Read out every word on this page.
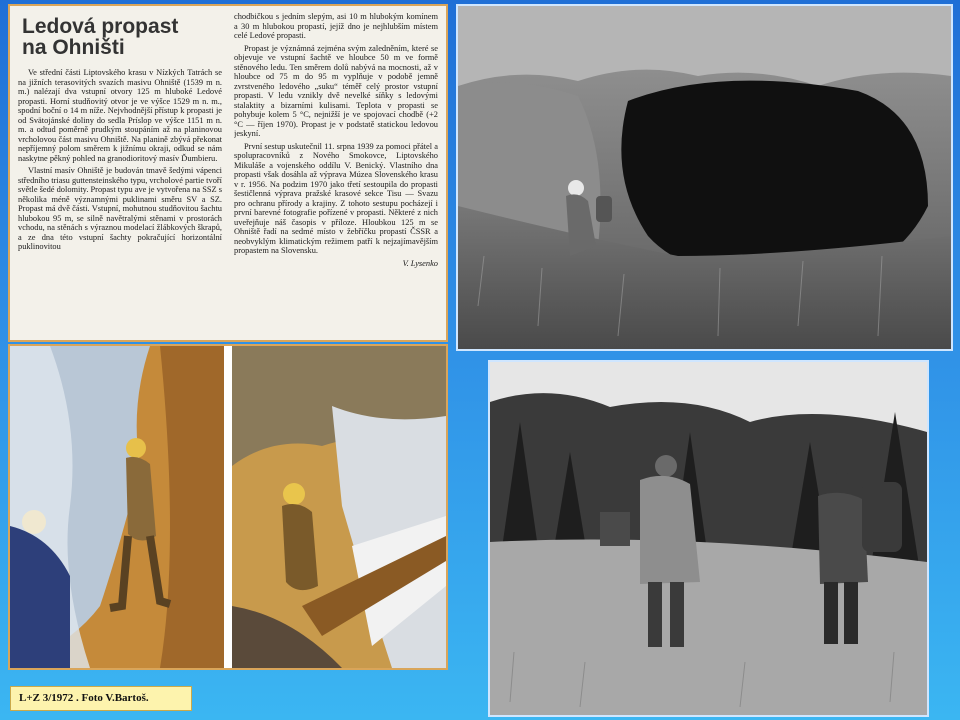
Ledová propast
na Ohništi

Ve střední části Liptovského krasu v Nízkých Tatrách se na jižních terasovitých svazích masivu Ohniště (1539 m n. m.) nalézají dva vstupní otvory 125 m hluboké Ledové propasti. Horní studňovitý otvor je ve výšce 1529 m n. m., spodní boční o 14 m níže. Nejvhodnější přístup k propasti je od Svätojánské doliny do sedla Príslop ve výšce 1151 m n. m. a odtud poměrně prudkým stoupáním až na planinovou vrcholovou část masivu Ohniště. Na planině zbývá překonat nepříjemný polom směrem k jižnímu okraji, odkud se nám naskytne pěkný pohled na granodioritový masív Ďumbieru.

Vlastní masív Ohniště je budován tmavě šedými vápenci středního triasu guttensteinského typu, vrcholové partie tvoří světle šedé dolomity. Propast typu ave je vytvořena na SSZ s několika méně významnými puklinami směru SV a SZ. Propast má dvě části. Vstupní, mohutnou studňovitou šachtu hlubokou 95 m, se silně navětralými stěnami v prostorách vchodu, na stěnách s výraznou modelací žlábkových škrapů, a ze dna této vstupní šachty pokračující horizontální puklinovitou

chodbičkou s jedním slepým, asi 10 m hlubokým komínem a 30 m hlubokou propastí, jejíž dno je nejhlubším místem celé Ledové propasti.

Propast je význámná zejména svým zaledněním, které se objevuje ve vstupní šachtě ve hloubce 50 m ve formě stěnového ledu. Ten směrem dolů nabývá na mocnosti, až v hloubce od 75 m do 95 m vyplňuje v podobě jemně zvrstveného ledového „suku“ téměř celý prostor vstupní propasti. V ledu vznikly dvě nevelké síňky s ledovými stalaktity a bizarními kulisami. Teplota v propasti se pohybuje kolem 5 °C, nejnižší je ve spojovací chodbě (+2 °C — říjen 1970). Propast je v podstatě statickou ledovou jeskyní.

První sestup uskutečnil 11. srpna 1939 za pomoci přátel a spolupracovníků z Nového Smokovce, Liptovského Mikuláše a vojenského oddílu V. Benický. Vlastního dna propasti však dosáhla až výprava Múzea Slovenského krasu v r. 1956. Na podzim 1970 jako třetí sestoupila do propasti šestičlenná výprava pražské krasové sekce Tisu — Svazu pro ochranu přírody a krajiny. Z tohoto sestupu pocházejí i první barevné fotografie pořízené v propasti. Některé z nich uveřejňuje náš časopis v příloze. Hloubkou 125 m se Ohniště řadí na sedmé místo v žebříčku propastí ČSSR a neobvyklým klimatickým režimem patří k nejzajímavějším propastem na Slovensku.

V. Lysenko

L+Z 3/1972 . Foto V.Bartoš.
